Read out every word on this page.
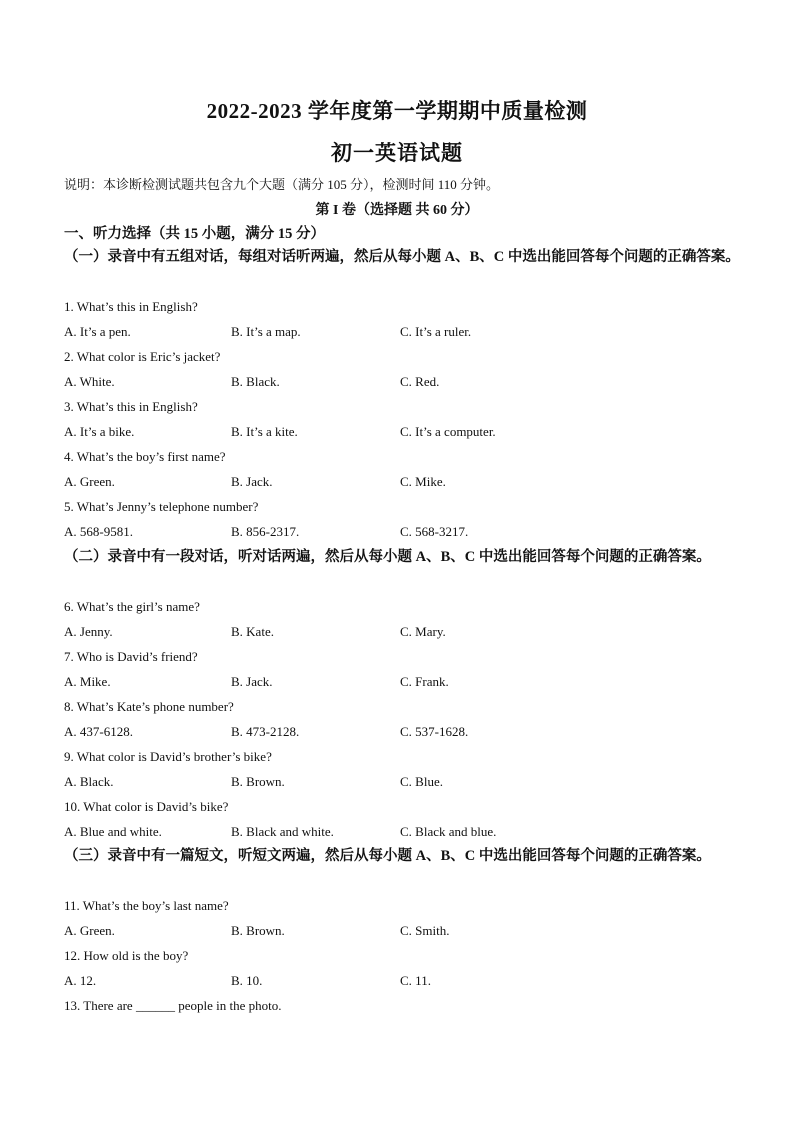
2022-2023 学年度第一学期期中质量检测
初一英语试题
说明：本诊断检测试题共包含九个大题（满分 105 分），检测时间 110 分钟。
第 I 卷（选择题 共 60 分）
一、听力选择（共 15 小题，满分 15 分）
（一）录音中有五组对话，每组对话听两遍，然后从每小题 A、B、C 中选出能回答每个问题的正确答案。
1. What’s this in English?
A. It’s a pen.	B. It’s a map.	C. It’s a ruler.
2. What color is Eric’s jacket?
A. White.	B. Black.	C. Red.
3. What’s this in English?
A. It’s a bike.	B. It’s a kite.	C. It’s a computer.
4. What’s the boy’s first name?
A. Green.	B. Jack.	C. Mike.
5. What’s Jenny’s telephone number?
A. 568-9581.	B. 856-2317.	C. 568-3217.
（二）录音中有一段对话，听对话两遍，然后从每小题 A、B、C 中选出能回答每个问题的正确答案。
6. What’s the girl’s name?
A. Jenny.	B. Kate.	C. Mary.
7. Who is David’s friend?
A. Mike.	B. Jack.	C. Frank.
8. What’s Kate’s phone number?
A. 437-6128.	B. 473-2128.	C. 537-1628.
9. What color is David’s brother’s bike?
A. Black.	B. Brown.	C. Blue.
10. What color is David’s bike?
A. Blue and white.	B. Black and white.	C. Black and blue.
（三）录音中有一篇短文，听短文两遍，然后从每小题 A、B、C 中选出能回答每个问题的正确答案。
11. What’s the boy’s last name?
A. Green.	B. Brown.	C. Smith.
12. How old is the boy?
A. 12.	B. 10.	C. 11.
13. There are ______ people in the photo.
